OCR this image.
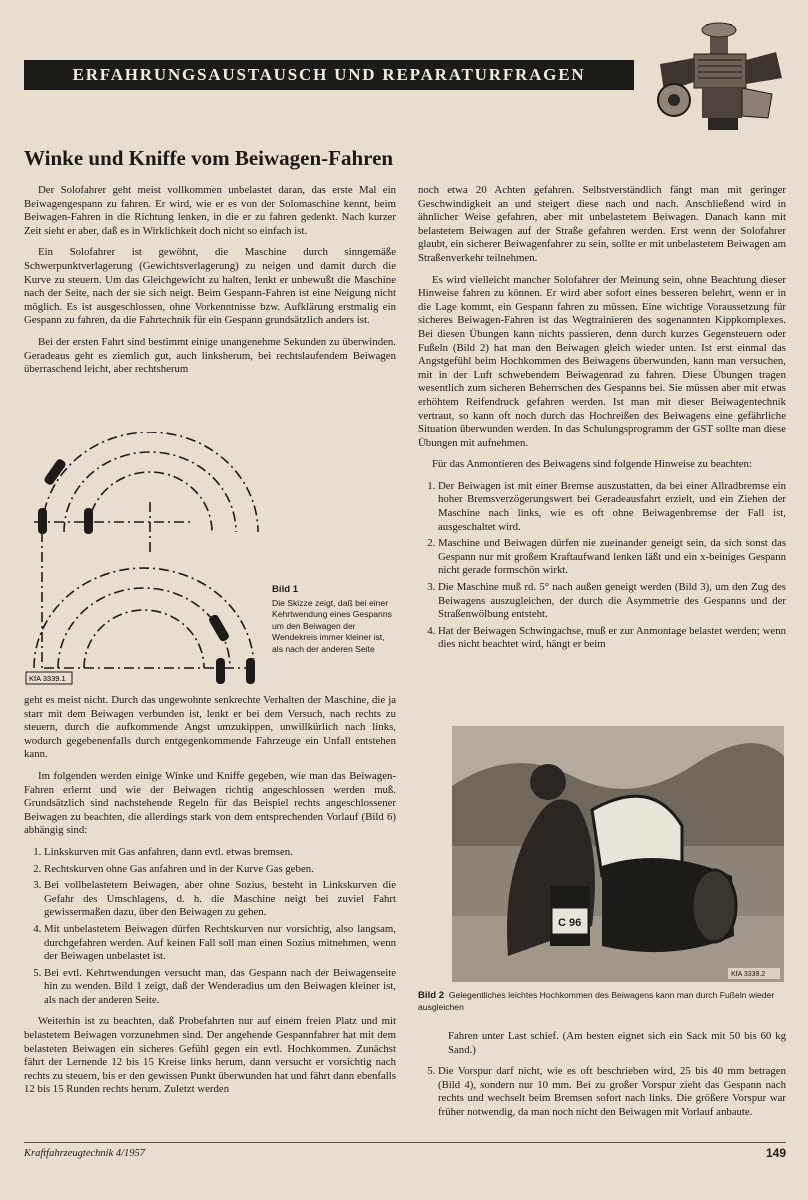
ERFAHRUNGSAUSTAUSCH UND REPARATURFRAGEN
Winke und Kniffe vom Beiwagen-Fahren

Der Solofahrer geht meist vollkommen unbelastet daran, das erste Mal ein Beiwagengespann zu fahren. Er wird, wie er es von der Solomaschine kennt, beim Beiwagen-Fahren in die Richtung lenken, in die er zu fahren gedenkt. Nach kurzer Zeit sieht er aber, daß es in Wirklichkeit doch nicht so einfach ist.

Ein Solofahrer ist gewöhnt, die Maschine durch sinngemäße Schwerpunktverlagerung (Gewichtsverlagerung) zu neigen und damit durch die Kurve zu steuern. Um das Gleichgewicht zu halten, lenkt er unbewußt die Maschine nach der Seite, nach der sie sich neigt. Beim Gespann-Fahren ist eine Neigung nicht möglich. Es ist ausgeschlossen, ohne Vorkenntnisse bzw. Aufklärung erstmalig ein Gespann zu fahren, da die Fahrtechnik für ein Gespann grundsätzlich anders ist.

Bei der ersten Fahrt sind bestimmt einige unangenehme Sekunden zu überwinden. Geradeaus geht es ziemlich gut, auch linksherum, bei rechtslaufendem Beiwagen überraschend leicht, aber rechtsherum

KfA 3339.1
Bild 1
Die Skizze zeigt, daß bei einer Kehrtwendung eines Gespanns um den Beiwagen der Wendekreis immer kleiner ist, als nach der anderen Seite

geht es meist nicht. Durch das ungewohnte senkrechte Verhalten der Maschine, die ja starr mit dem Beiwagen verbunden ist, lenkt er bei dem Versuch, nach rechts zu steuern, durch die aufkommende Angst umzukippen, unwillkürlich nach links, wodurch gegebenenfalls durch entgegenkommende Fahrzeuge ein Unfall entstehen kann.

Im folgenden werden einige Winke und Kniffe gegeben, wie man das Beiwagen-Fahren erlernt und wie der Beiwagen richtig angeschlossen werden muß. Grundsätzlich sind nachstehende Regeln für das Beispiel rechts angeschlossener Beiwagen zu beachten, die allerdings stark von dem entsprechenden Vorlauf (Bild 6) abhängig sind:

1. Linkskurven mit Gas anfahren, dann evtl. etwas bremsen.
2. Rechtskurven ohne Gas anfahren und in der Kurve Gas geben.
3. Bei vollbelastetem Beiwagen, aber ohne Sozius, besteht in Linkskurven die Gefahr des Umschlagens, d. h. die Maschine neigt bei zuviel Fahrt gewissermaßen dazu, über den Beiwagen zu gehen.
4. Mit unbelastetem Beiwagen dürfen Rechtskurven nur vorsichtig, also langsam, durchgefahren werden. Auf keinen Fall soll man einen Sozius mitnehmen, wenn der Beiwagen unbelastet ist.
5. Bei evtl. Kehrtwendungen versucht man, das Gespann nach der Beiwagenseite hin zu wenden. Bild 1 zeigt, daß der Wenderadius um den Beiwagen kleiner ist, als nach der anderen Seite.

Weiterhin ist zu beachten, daß Probefahrten nur auf einem freien Platz und mit belastetem Beiwagen vorzunehmen sind. Der angehende Gespannfahrer hat mit dem belasteten Beiwagen ein sicheres Gefühl gegen ein evtl. Hochkommen. Zunächst fährt der Lernende 12 bis 15 Kreise links herum, dann versucht er vorsichtig nach rechts zu steuern, bis er den gewissen Punkt überwunden hat und fährt dann ebenfalls 12 bis 15 Runden rechts herum. Zuletzt werden

noch etwa 20 Achten gefahren. Selbstverständlich fängt man mit geringer Geschwindigkeit an und steigert diese nach und nach. Anschließend wird in ähnlicher Weise gefahren, aber mit unbelastetem Beiwagen. Danach kann mit belastetem Beiwagen auf der Straße gefahren werden. Erst wenn der Solofahrer glaubt, ein sicherer Beiwagenfahrer zu sein, sollte er mit unbelastetem Beiwagen am Straßenverkehr teilnehmen.

Es wird vielleicht mancher Solofahrer der Meinung sein, ohne Beachtung dieser Hinweise fahren zu können. Er wird aber sofort eines besseren belehrt, wenn er in die Lage kommt, ein Gespann fahren zu müssen. Eine wichtige Voraussetzung für sicheres Beiwagen-Fahren ist das Wegtrainieren des sogenannten Kippkomplexes. Bei diesen Übungen kann nichts passieren, denn durch kurzes Gegensteuern oder Fußeln (Bild 2) hat man den Beiwagen gleich wieder unten. Ist erst einmal das Angstgefühl beim Hochkommen des Beiwagens überwunden, kann man versuchen, mit in der Luft schwebendem Beiwagenrad zu fahren. Diese Übungen tragen wesentlich zum sicheren Beherrschen des Gespanns bei. Sie müssen aber mit etwas erhöhtem Reifendruck gefahren werden. Ist man mit dieser Beiwagentechnik vertraut, so kann oft noch durch das Hochreißen des Beiwagens eine gefährliche Situation überwunden werden. In das Schulungsprogramm der GST sollte man diese Übungen mit aufnehmen.

Für das Anmontieren des Beiwagens sind folgende Hinweise zu beachten:

1. Der Beiwagen ist mit einer Bremse auszustatten, da bei einer Allradbremse ein hoher Bremsverzögerungswert bei Geradeausfahrt erzielt, und ein Ziehen der Maschine nach links, wie es oft ohne Beiwagenbremse der Fall ist, ausgeschaltet wird.
2. Maschine und Beiwagen dürfen nie zueinander geneigt sein, da sich sonst das Gespann nur mit großem Kraftaufwand lenken läßt und ein x-beiniges Gespann nicht gerade formschön wirkt.
3. Die Maschine muß rd. 5° nach außen geneigt werden (Bild 3), um den Zug des Beiwagens auszugleichen, der durch die Asymmetrie des Gespanns und der Straßenwölbung entsteht.
4. Hat der Beiwagen Schwingachse, muß er zur Anmontage belastet werden; wenn dies nicht beachtet wird, hängt er beim
C 96
KfA 3339.2
Bild 2 Gelegentliches leichtes Hochkommen des Beiwagens kann man durch Fußeln wieder ausgleichen

Fahren unter Last schief. (Am besten eignet sich ein Sack mit 50 bis 60 kg Sand.)

5. Die Vorspur darf nicht, wie es oft beschrieben wird, 25 bis 40 mm betragen (Bild 4), sondern nur 10 mm. Bei zu großer Vorspur zieht das Gespann nach rechts und wechselt beim Bremsen sofort nach links. Die größere Vorspur war früher notwendig, da man noch nicht den Beiwagen mit Vorlauf anbaute.
Kraftfahrzeugtechnik 4/1957	149
